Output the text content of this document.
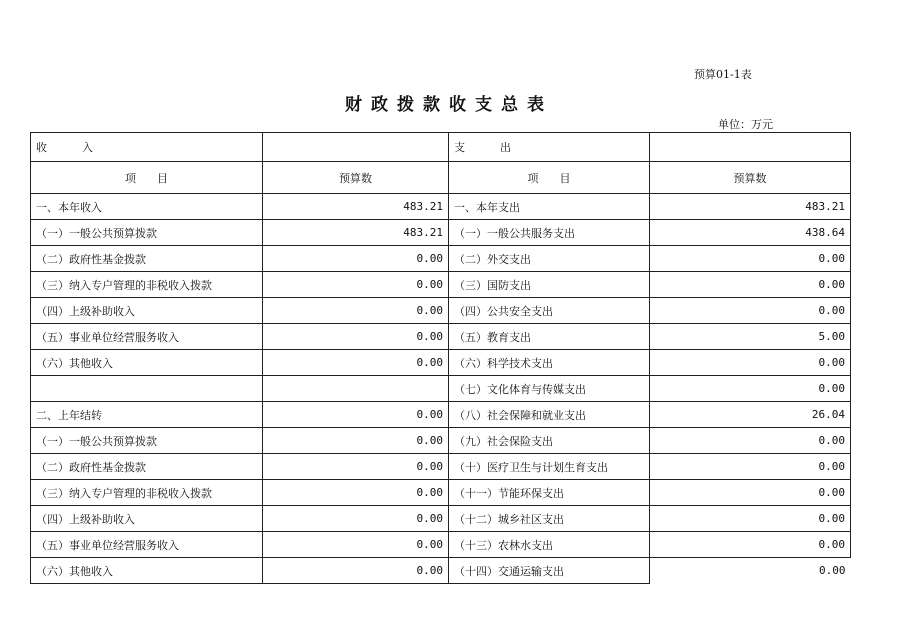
预算01-1表
财政拨款收支总表
单位：万元
收          入		支          出	
项      目	预算数	项      目	预算数
一、本年收入	483.21	一、本年支出	483.21
（一）一般公共预算拨款	483.21	（一）一般公共服务支出	438.64
（二）政府性基金拨款	0.00	（二）外交支出	0.00
（三）纳入专户管理的非税收入拨款	0.00	（三）国防支出	0.00
（四）上级补助收入	0.00	（四）公共安全支出	0.00
（五）事业单位经营服务收入	0.00	（五）教育支出	5.00
（六）其他收入	0.00	（六）科学技术支出	0.00
		（七）文化体育与传媒支出	0.00
二、上年结转	0.00	（八）社会保障和就业支出	26.04
（一）一般公共预算拨款	0.00	（九）社会保险支出	0.00
（二）政府性基金拨款	0.00	（十）医疗卫生与计划生育支出	0.00
（三）纳入专户管理的非税收入拨款	0.00	（十一）节能环保支出	0.00
（四）上级补助收入	0.00	（十二）城乡社区支出	0.00
（五）事业单位经营服务收入	0.00	（十三）农林水支出	0.00
（六）其他收入	0.00	（十四）交通运输支出	0.00
